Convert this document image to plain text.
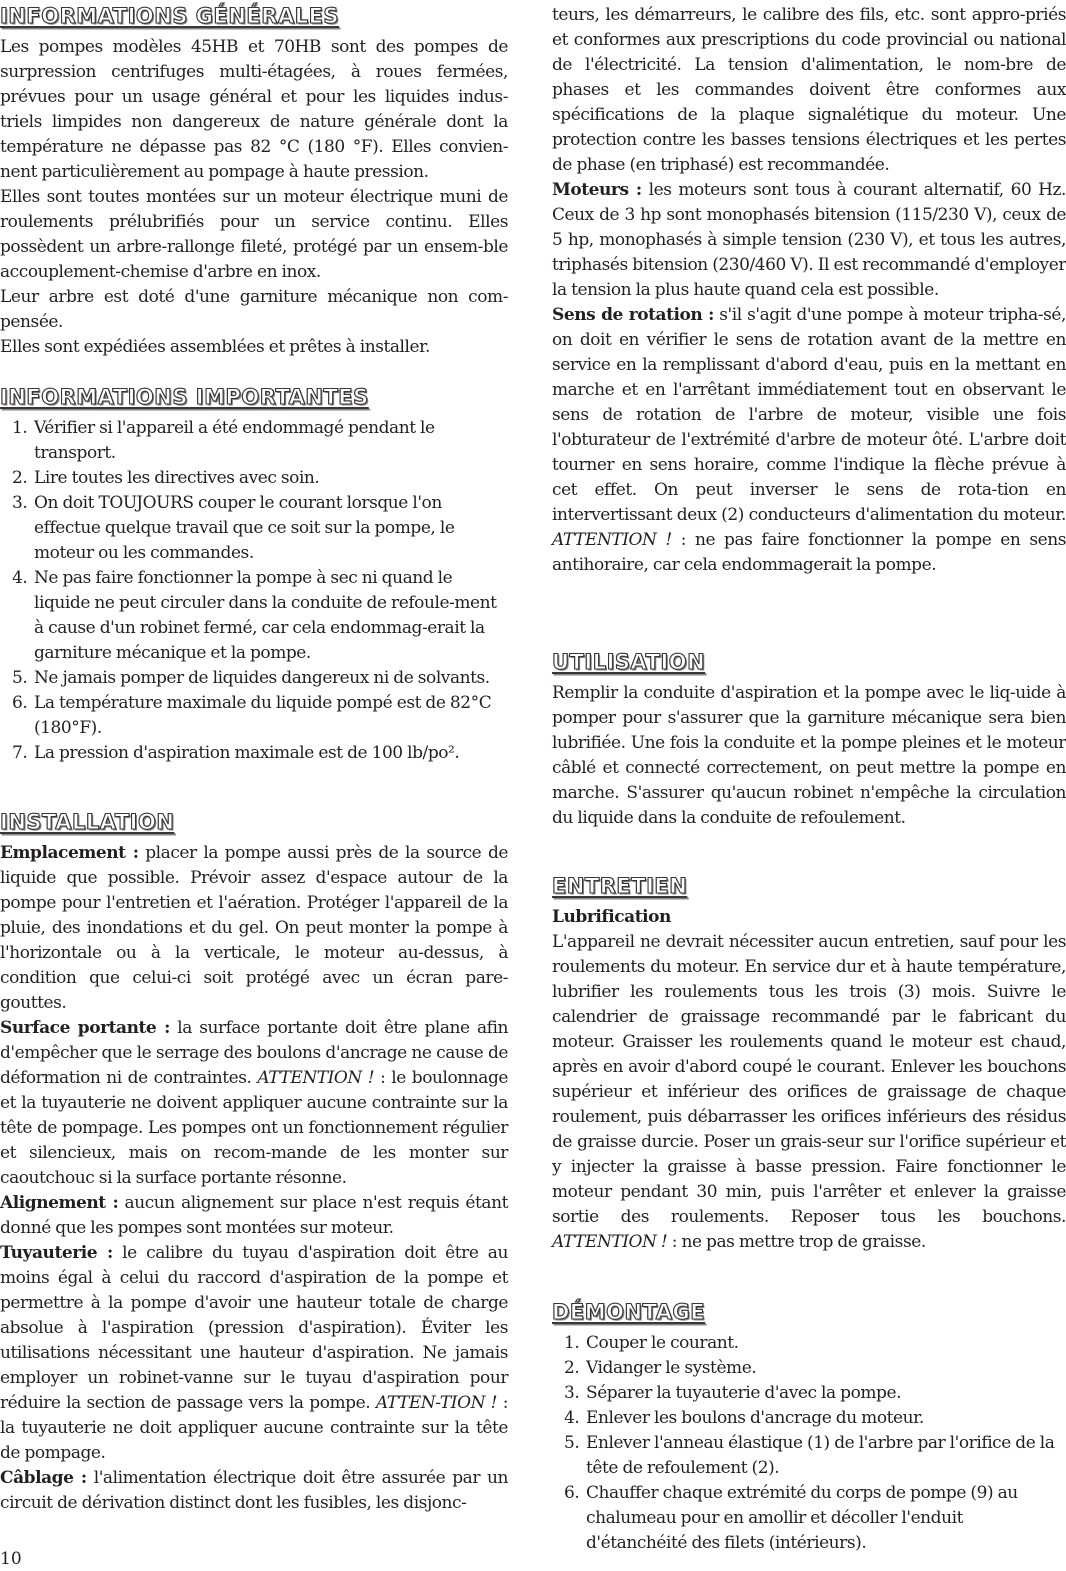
INFORMATIONS GÉNÉRALES

Les pompes modèles 45HB et 70HB sont des pompes de surpression centrifuges multi-étagées, à roues fermées, prévues pour un usage général et pour les liquides indus-triels limpides non dangereux de nature générale dont la température ne dépasse pas 82 °C (180 °F). Elles convien-nent particulièrement au pompage à haute pression.

Elles sont toutes montées sur un moteur électrique muni de roulements prélubrifiés pour un service continu. Elles possèdent un arbre-rallonge fileté, protégé par un ensem-ble accouplement-chemise d'arbre en inox.

Leur arbre est doté d'une garniture mécanique non com-pensée.

Elles sont expédiées assemblées et prêtes à installer.

INFORMATIONS IMPORTANTES
1. Vérifier si l'appareil a été endommagé pendant le transport.
2. Lire toutes les directives avec soin.
3. On doit TOUJOURS couper le courant lorsque l'on effectue quelque travail que ce soit sur la pompe, le moteur ou les commandes.
4. Ne pas faire fonctionner la pompe à sec ni quand le liquide ne peut circuler dans la conduite de refoule-ment à cause d'un robinet fermé, car cela endommag-erait la garniture mécanique et la pompe.
5. Ne jamais pomper de liquides dangereux ni de solvants.
6. La température maximale du liquide pompé est de 82°C (180°F).
7. La pression d'aspiration maximale est de 100 lb/po².
INSTALLATION

Emplacement : placer la pompe aussi près de la source de liquide que possible. Prévoir assez d'espace autour de la pompe pour l'entretien et l'aération. Protéger l'appareil de la pluie, des inondations et du gel. On peut monter la pompe à l'horizontale ou à la verticale, le moteur au-dessus, à condition que celui-ci soit protégé avec un écran pare-gouttes.

Surface portante : la surface portante doit être plane afin d'empêcher que le serrage des boulons d'ancrage ne cause de déformation ni de contraintes. ATTENTION ! : le boulonnage et la tuyauterie ne doivent appliquer aucune contrainte sur la tête de pompage. Les pompes ont un fonctionnement régulier et silencieux, mais on recom-mande de les monter sur caoutchouc si la surface portante résonne.

Alignement : aucun alignement sur place n'est requis étant donné que les pompes sont montées sur moteur.

Tuyauterie : le calibre du tuyau d'aspiration doit être au moins égal à celui du raccord d'aspiration de la pompe et permettre à la pompe d'avoir une hauteur totale de charge absolue à l'aspiration (pression d'aspiration). Éviter les utilisations nécessitant une hauteur d'aspiration. Ne jamais employer un robinet-vanne sur le tuyau d'aspiration pour réduire la section de passage vers la pompe. ATTEN-TION ! : la tuyauterie ne doit appliquer aucune contrainte sur la tête de pompage.

Câblage : l'alimentation électrique doit être assurée par un circuit de dérivation distinct dont les fusibles, les disjonc-

teurs, les démarreurs, le calibre des fils, etc. sont appro-priés et conformes aux prescriptions du code provincial ou national de l'électricité. La tension d'alimentation, le nom-bre de phases et les commandes doivent être conformes aux spécifications de la plaque signalétique du moteur. Une protection contre les basses tensions électriques et les pertes de phase (en triphasé) est recommandée.

Moteurs : les moteurs sont tous à courant alternatif, 60 Hz. Ceux de 3 hp sont monophasés bitension (115/230 V), ceux de 5 hp, monophasés à simple tension (230 V), et tous les autres, triphasés bitension (230/460 V). Il est recommandé d'employer la tension la plus haute quand cela est possible.

Sens de rotation : s'il s'agit d'une pompe à moteur tripha-sé, on doit en vérifier le sens de rotation avant de la mettre en service en la remplissant d'abord d'eau, puis en la mettant en marche et en l'arrêtant immédiatement tout en observant le sens de rotation de l'arbre de moteur, visible une fois l'obturateur de l'extrémité d'arbre de moteur ôté. L'arbre doit tourner en sens horaire, comme l'indique la flèche prévue à cet effet. On peut inverser le sens de rota-tion en intervertissant deux (2) conducteurs d'alimentation du moteur. ATTENTION ! : ne pas faire fonctionner la pompe en sens antihoraire, car cela endommagerait la pompe.

UTILISATION

Remplir la conduite d'aspiration et la pompe avec le liq-uide à pomper pour s'assurer que la garniture mécanique sera bien lubrifiée. Une fois la conduite et la pompe pleines et le moteur câblé et connecté correctement, on peut mettre la pompe en marche. S'assurer qu'aucun robinet n'empêche la circulation du liquide dans la conduite de refoulement.

ENTRETIEN

Lubrification

L'appareil ne devrait nécessiter aucun entretien, sauf pour les roulements du moteur. En service dur et à haute température, lubrifier les roulements tous les trois (3) mois. Suivre le calendrier de graissage recommandé par le fabricant du moteur. Graisser les roulements quand le moteur est chaud, après en avoir d'abord coupé le courant. Enlever les bouchons supérieur et inférieur des orifices de graissage de chaque roulement, puis débarrasser les orifices inférieurs des résidus de graisse durcie. Poser un grais-seur sur l'orifice supérieur et y injecter la graisse à basse pression. Faire fonctionner le moteur pendant 30 min, puis l'arrêter et enlever la graisse sortie des roulements. Reposer tous les bouchons. ATTENTION ! : ne pas mettre trop de graisse.

DÉMONTAGE
1. Couper le courant.
2. Vidanger le système.
3. Séparer la tuyauterie d'avec la pompe.
4. Enlever les boulons d'ancrage du moteur.
5. Enlever l'anneau élastique (1) de l'arbre par l'orifice de la tête de refoulement (2).
6. Chauffer chaque extrémité du corps de pompe (9) au chalumeau pour en amollir et décoller l'enduit d'étanchéité des filets (intérieurs).
10
